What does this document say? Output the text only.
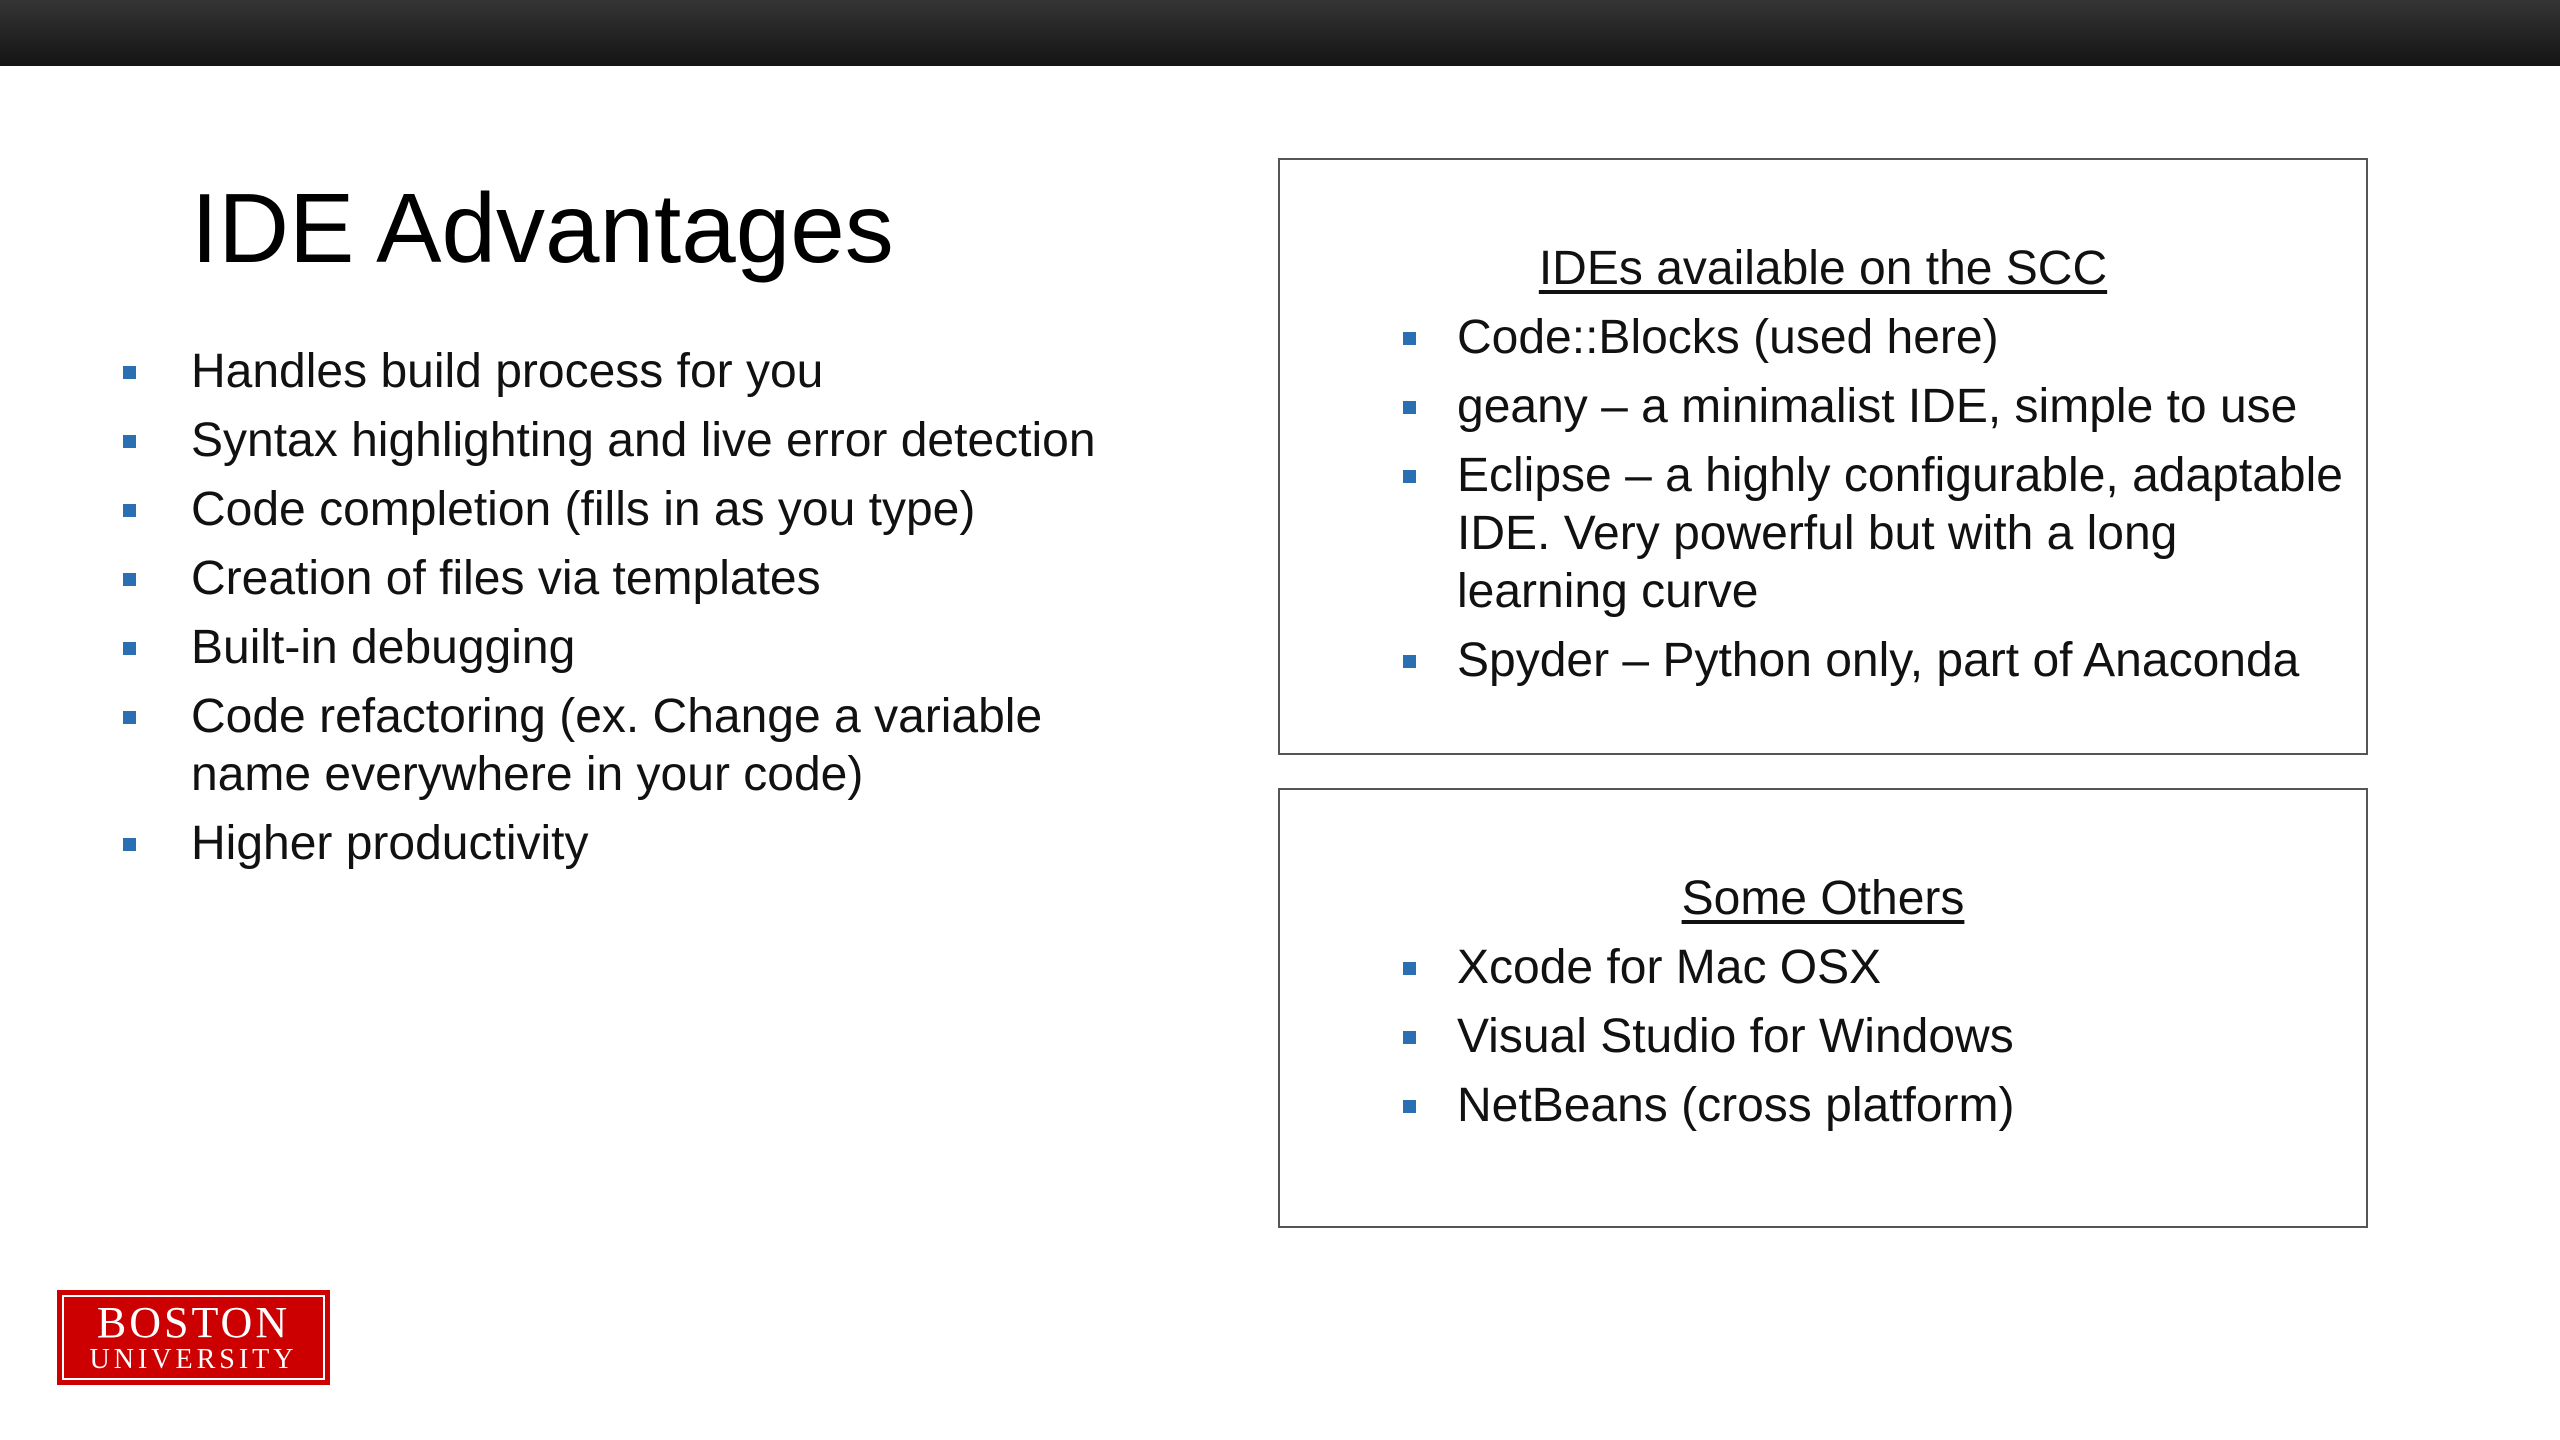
IDE Advantages
Handles build process for you
Syntax highlighting and live error detection
Code completion (fills in as you type)
Creation of files via templates
Built-in debugging
Code refactoring (ex. Change a variable name everywhere in your code)
Higher productivity
IDEs available on the SCC
Code::Blocks (used here)
geany – a minimalist IDE, simple to use
Eclipse – a highly configurable, adaptable IDE. Very powerful but with a long learning curve
Spyder – Python only, part of Anaconda
Some Others
Xcode for Mac OSX
Visual Studio for Windows
NetBeans (cross platform)
BOSTON
UNIVERSITY
